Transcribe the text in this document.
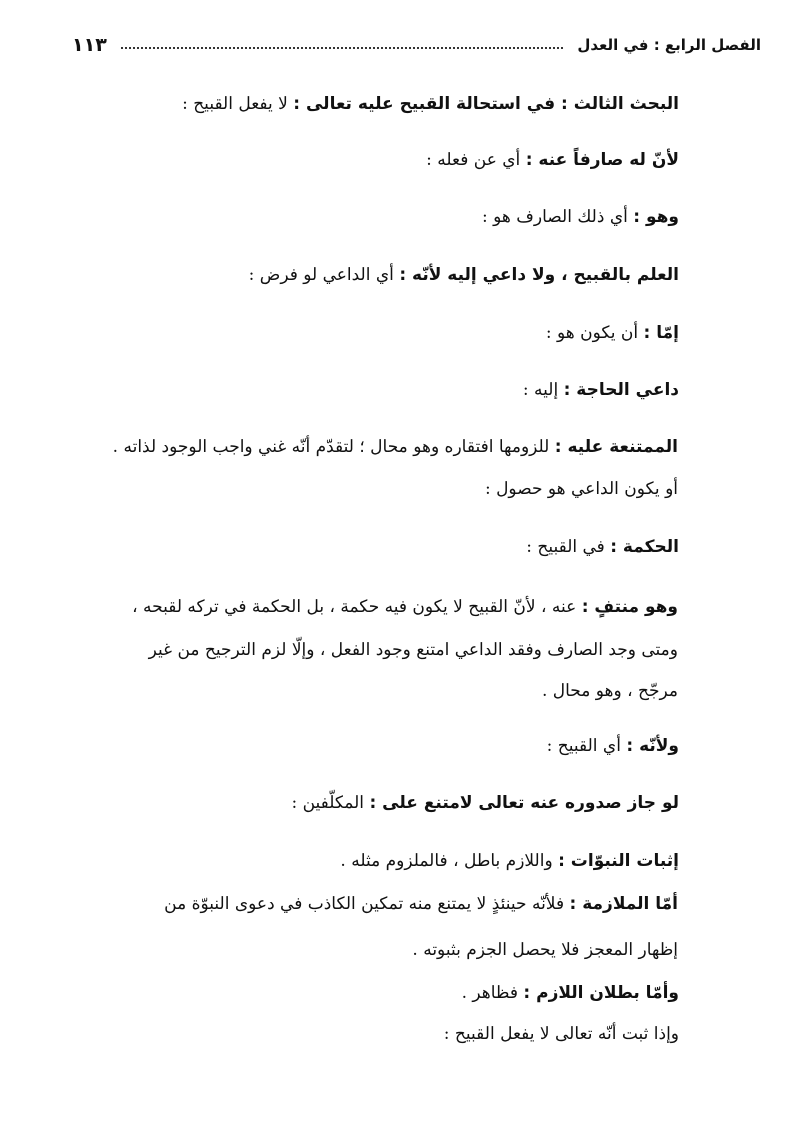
الفصل الرابع : في العدل
١١٣
البحث الثالث : في استحالة القبيح عليه تعالى : لا يفعل القبيح :
لأنّ له صارفاً عنه : أي عن فعله :
وهو : أي ذلك الصارف هو :
العلم بالقبيح ، ولا داعي إليه لأنّه : أي الداعي لو فرض :
إمّا : أن يكون هو :
داعي الحاجة : إليه :
الممتنعة عليه : للزومها افتقاره وهو محال ؛ لتقدّم أنّه غني واجب الوجود لذاته .
أو يكون الداعي هو حصول :
الحكمة : في القبيح :
وهو منتفٍ : عنه ، لأنّ القبيح لا يكون فيه حكمة ، بل الحكمة في تركه لقبحه ،
ومتى وجد الصارف وفقد الداعي امتنع وجود الفعل ، وإلّا لزم الترجيح من غير
مرجّح ، وهو محال .
ولأنّه : أي القبيح :
لو جاز صدوره عنه تعالى لامتنع على : المكلّفين :
إثبات النبوّات : واللازم باطل ، فالملزوم مثله .
أمّا الملازمة : فلأنّه حينئذٍ لا يمتنع منه تمكين الكاذب في دعوى النبوّة من
إظهار المعجز فلا يحصل الجزم بثبوته .
وأمّا بطلان اللازم : فظاهر .
وإذا ثبت أنّه تعالى لا يفعل القبيح :
